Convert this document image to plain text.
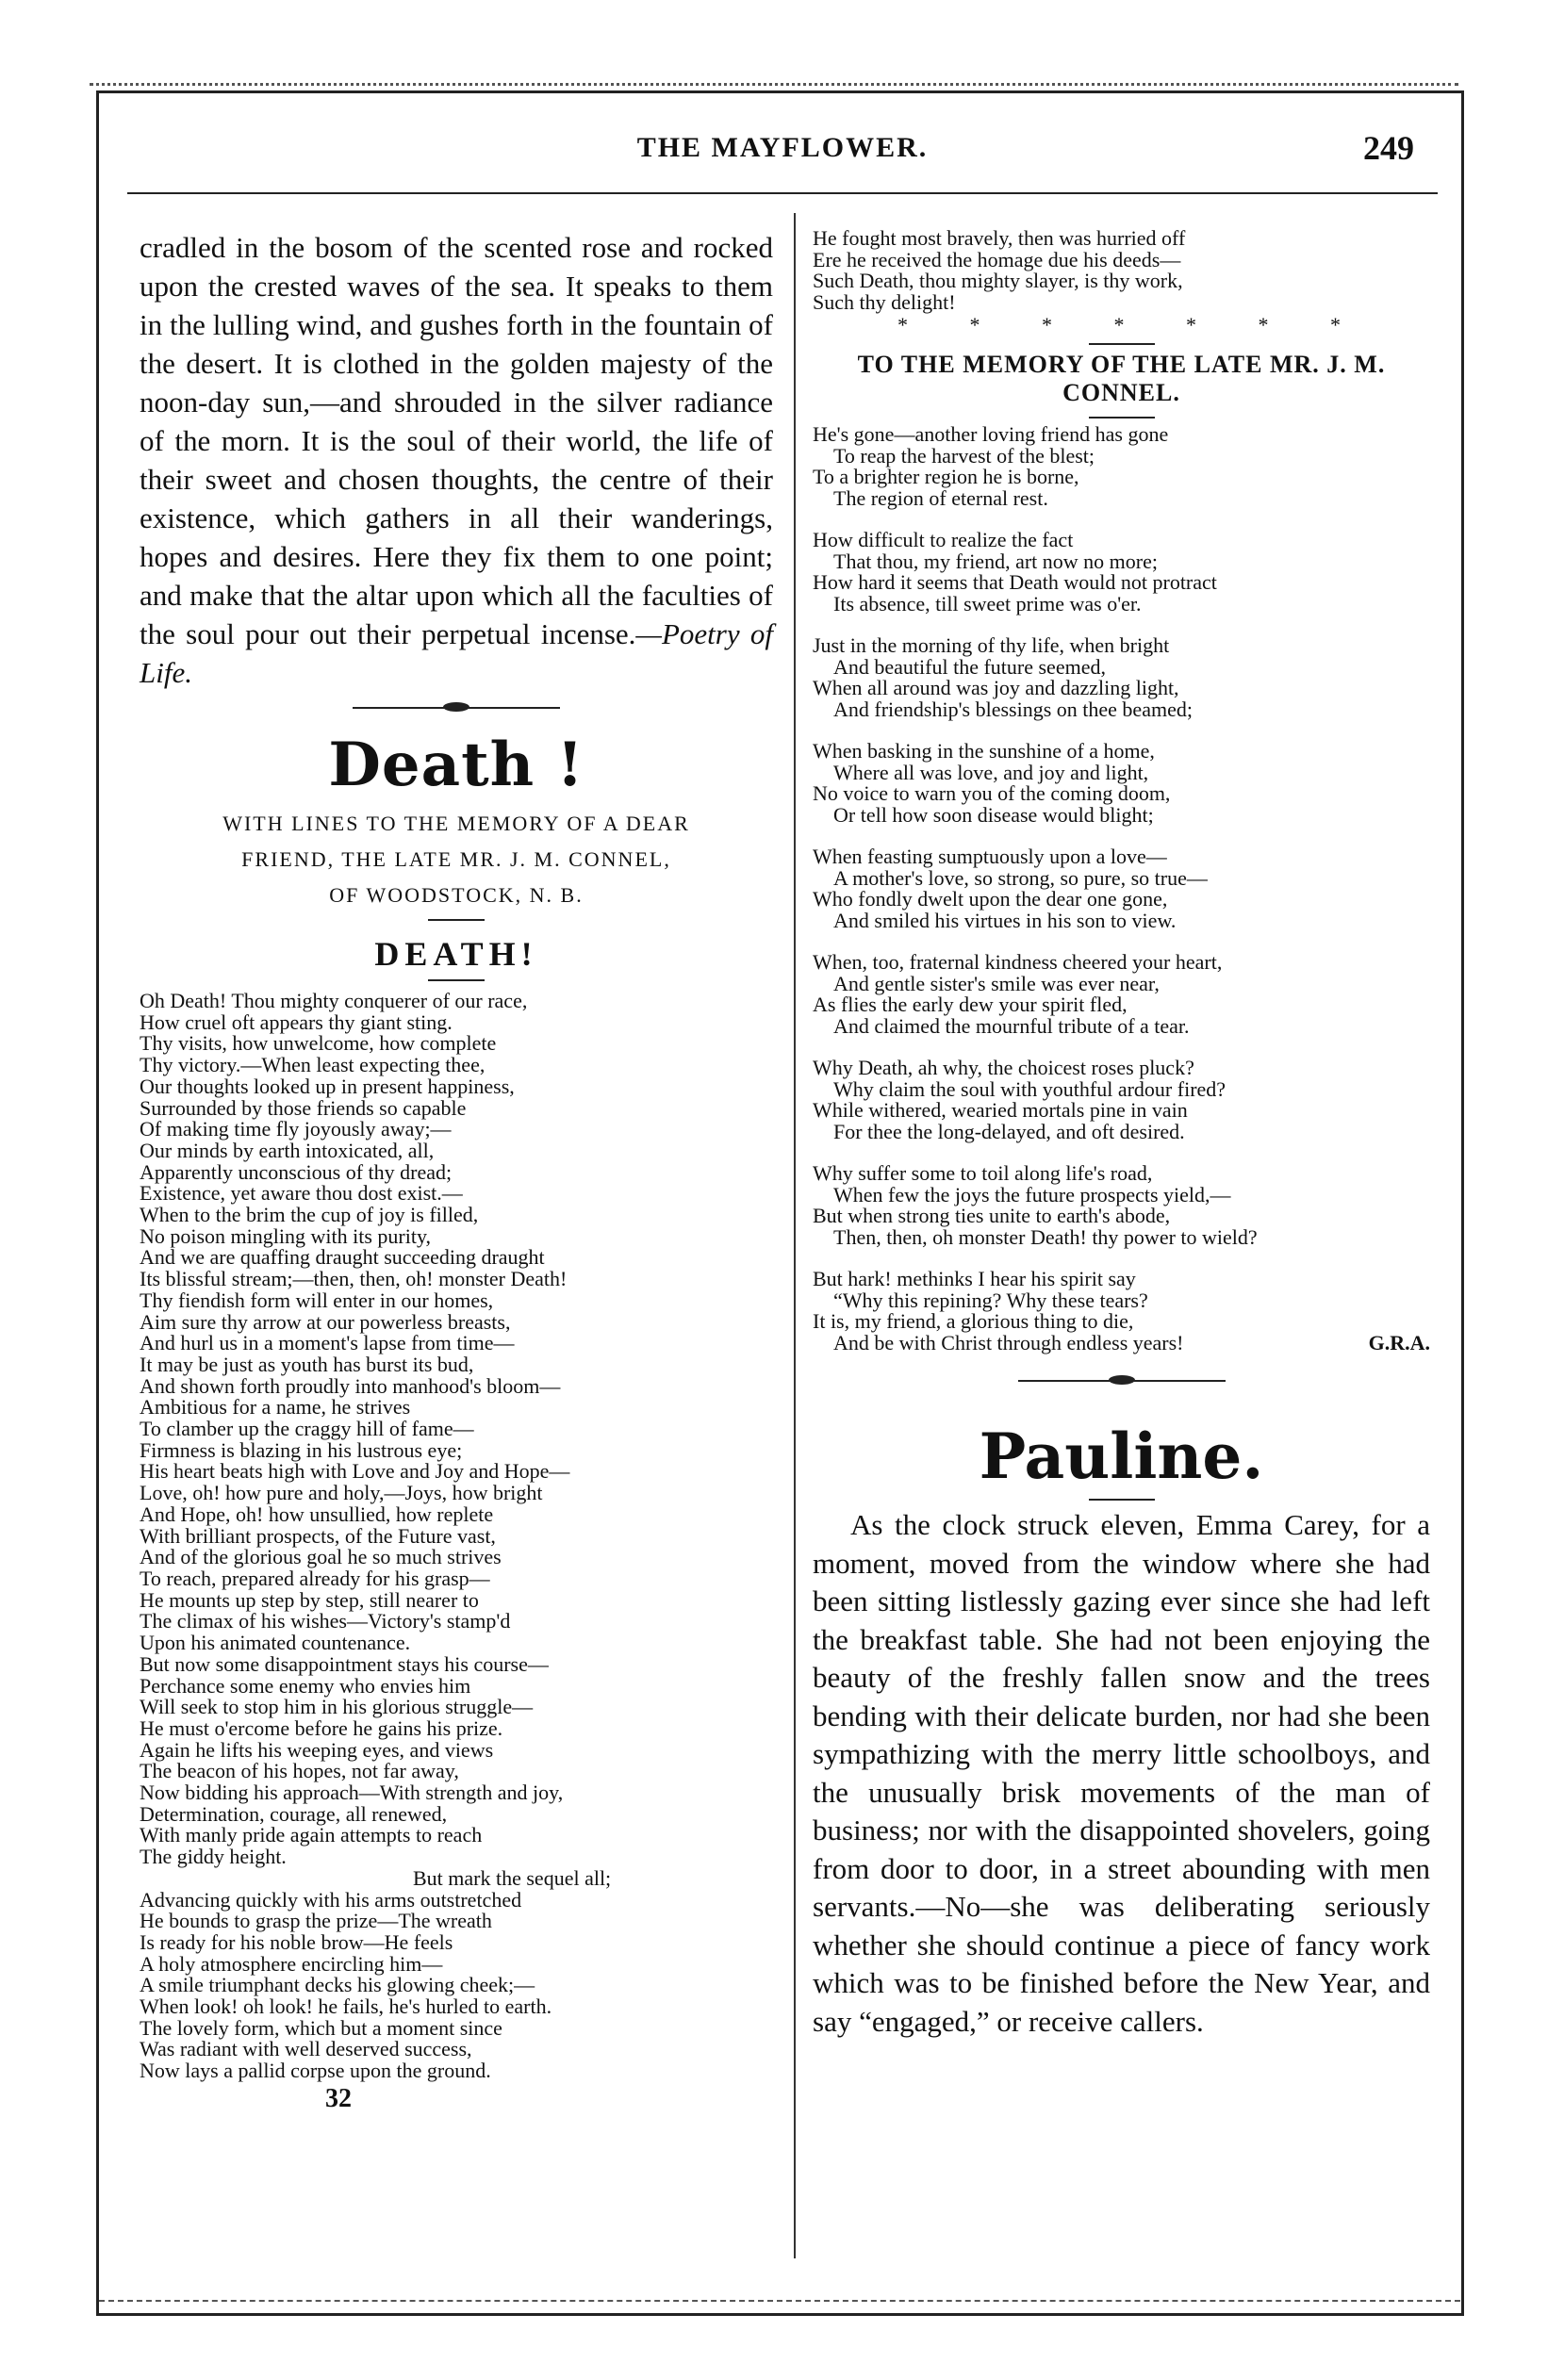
THE MAYFLOWER.	249

cradled in the bosom of the scented rose and rocked upon the crested waves of the sea. It speaks to them in the lulling wind, and gushes forth in the fountain of the desert. It is clothed in the golden majesty of the noon-day sun,—and shrouded in the silver radiance of the morn. It is the soul of their world, the life of their sweet and chosen thoughts, the centre of their existence, which gathers in all their wanderings, hopes and desires. Here they fix them to one point; and make that the altar upon which all the faculties of the soul pour out their perpetual incense.—Poetry of Life.

Death !
WITH LINES TO THE MEMORY OF A DEAR
FRIEND, THE LATE MR. J. M. CONNEL,
OF WOODSTOCK, N. B.
DEATH!
Oh Death! Thou mighty conquerer of our race,
How cruel oft appears thy giant sting.
Thy visits, how unwelcome, how complete
Thy victory.—When least expecting thee,
Our thoughts looked up in present happiness,
Surrounded by those friends so capable
Of making time fly joyously away;—
Our minds by earth intoxicated, all,
Apparently unconscious of thy dread;
Existence, yet aware thou dost exist.—
When to the brim the cup of joy is filled,
No poison mingling with its purity,
And we are quaffing draught succeeding draught
Its blissful stream;—then, then, oh! monster Death!
Thy fiendish form will enter in our homes,
Aim sure thy arrow at our powerless breasts,
And hurl us in a moment's lapse from time—
It may be just as youth has burst its bud,
And shown forth proudly into manhood's bloom—
Ambitious for a name, he strives
To clamber up the craggy hill of fame—
Firmness is blazing in his lustrous eye;
His heart beats high with Love and Joy and Hope—
Love, oh! how pure and holy,—Joys, how bright
And Hope, oh! how unsullied, how replete
With brilliant prospects, of the Future vast,
And of the glorious goal he so much strives
To reach, prepared already for his grasp—
He mounts up step by step, still nearer to
The climax of his wishes—Victory's stamp'd
Upon his animated countenance.
But now some disappointment stays his course—
Perchance some enemy who envies him
Will seek to stop him in his glorious struggle—
He must o'ercome before he gains his prize.
Again he lifts his weeping eyes, and views
The beacon of his hopes, not far away,
Now bidding his approach—With strength and joy,
Determination, courage, all renewed,
With manly pride again attempts to reach
The giddy height.
But mark the sequel all;
Advancing quickly with his arms outstretched
He bounds to grasp the prize—The wreath
Is ready for his noble brow—He feels
A holy atmosphere encircling him—
A smile triumphant decks his glowing cheek;—
When look! oh look! he fails, he's hurled to earth.
The lovely form, which but a moment since
Was radiant with well deserved success,
Now lays a pallid corpse upon the ground.
32
He fought most bravely, then was hurried off
Ere he received the homage due his deeds—
Such Death, thou mighty slayer, is thy work,
Such thy delight!

* * * * * * *

TO THE MEMORY OF THE LATE MR. J. M. CONNEL.
He's gone—another loving friend has gone
To reap the harvest of the blest;
To a brighter region he is borne,
The region of eternal rest.
How difficult to realize the fact
That thou, my friend, art now no more;
How hard it seems that Death would not protract
Its absence, till sweet prime was o'er.
Just in the morning of thy life, when bright
And beautiful the future seemed,
When all around was joy and dazzling light,
And friendship's blessings on thee beamed;
When basking in the sunshine of a home,
Where all was love, and joy and light,
No voice to warn you of the coming doom,
Or tell how soon disease would blight;
When feasting sumptuously upon a love—
A mother's love, so strong, so pure, so true—
Who fondly dwelt upon the dear one gone,
And smiled his virtues in his son to view.
When, too, fraternal kindness cheered your heart,
And gentle sister's smile was ever near,
As flies the early dew your spirit fled,
And claimed the mournful tribute of a tear.
Why Death, ah why, the choicest roses pluck?
Why claim the soul with youthful ardour fired?
While withered, wearied mortals pine in vain
For thee the long-delayed, and oft desired.
Why suffer some to toil along life's road,
When few the joys the future prospects yield,—
But when strong ties unite to earth's abode,
Then, then, oh monster Death! thy power to wield?
But hark! methinks I hear his spirit say
“Why this repining? Why these tears?
It is, my friend, a glorious thing to die,
And be with Christ through endless years!	G.R.A.
Pauline.

As the clock struck eleven, Emma Carey, for a moment, moved from the window where she had been sitting listlessly gazing ever since she had left the breakfast table. She had not been enjoying the beauty of the freshly fallen snow and the trees bending with their delicate burden, nor had she been sympathizing with the merry little schoolboys, and the unusually brisk movements of the man of business; nor with the disappointed shovelers, going from door to door, in a street abounding with men servants.—No—she was deliberating seriously whether she should continue a piece of fancy work which was to be finished before the New Year, and say “engaged,” or receive callers.
